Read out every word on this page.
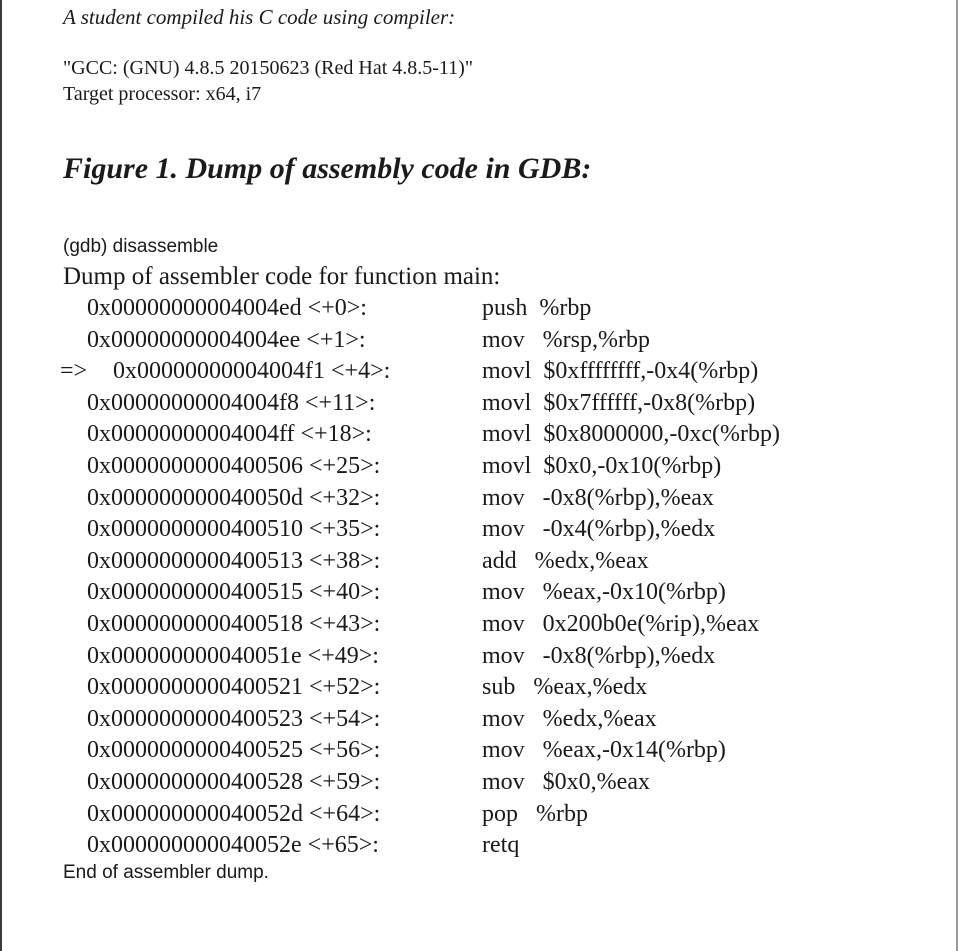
A student compiled his C code using compiler:
"GCC: (GNU) 4.8.5 20150623 (Red Hat 4.8.5-11)"
Target processor: x64, i7
Figure 1. Dump of assembly code in GDB:
(gdb) disassemble
Dump of assembler code for function main:
0x00000000004004ed <+0>:	push  %rbp
0x00000000004004ee <+1>:	mov   %rsp,%rbp
=> 0x00000000004004f1 <+4>:	movl  $0xffffffff,-0x4(%rbp)
0x00000000004004f8 <+11>:	movl  $0x7ffffff,-0x8(%rbp)
0x00000000004004ff <+18>:	movl  $0x8000000,-0xc(%rbp)
0x0000000000400506 <+25>:	movl  $0x0,-0x10(%rbp)
0x000000000040050d <+32>:	mov   -0x8(%rbp),%eax
0x0000000000400510 <+35>:	mov   -0x4(%rbp),%edx
0x0000000000400513 <+38>:	add   %edx,%eax
0x0000000000400515 <+40>:	mov   %eax,-0x10(%rbp)
0x0000000000400518 <+43>:	mov   0x200b0e(%rip),%eax
0x000000000040051e <+49>:	mov   -0x8(%rbp),%edx
0x0000000000400521 <+52>:	sub   %eax,%edx
0x0000000000400523 <+54>:	mov   %edx,%eax
0x0000000000400525 <+56>:	mov   %eax,-0x14(%rbp)
0x0000000000400528 <+59>:	mov   $0x0,%eax
0x000000000040052d <+64>:	pop   %rbp
0x000000000040052e <+65>:	retq
End of assembler dump.
